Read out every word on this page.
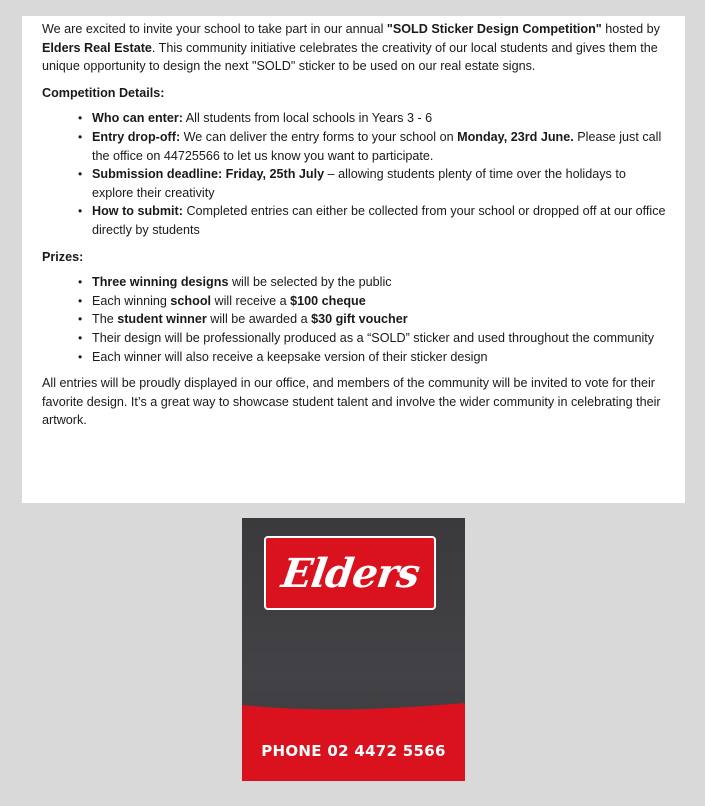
We are excited to invite your school to take part in our annual "SOLD Sticker Design Competition" hosted by Elders Real Estate. This community initiative celebrates the creativity of our local students and gives them the unique opportunity to design the next "SOLD" sticker to be used on our real estate signs.

Competition Details:

• Who can enter: All students from local schools in Years 3 - 6
• Entry drop-off: We can deliver the entry forms to your school on Monday, 23rd June. Please just call the office on 44725566 to let us know you want to participate.
• Submission deadline: Friday, 25th July – allowing students plenty of time over the holidays to explore their creativity
• How to submit: Completed entries can either be collected from your school or dropped off at our office directly by students

Prizes:

• Three winning designs will be selected by the public
• Each winning school will receive a $100 cheque
• The student winner will be awarded a $30 gift voucher
• Their design will be professionally produced as a “SOLD” sticker and used throughout the community
• Each winner will also receive a keepsake version of their sticker design

All entries will be proudly displayed in our office, and members of the community will be invited to vote for their favorite design. It’s a great way to showcase student talent and involve the wider community in celebrating their artwork.

Elders
PHONE 02 4472 5566
